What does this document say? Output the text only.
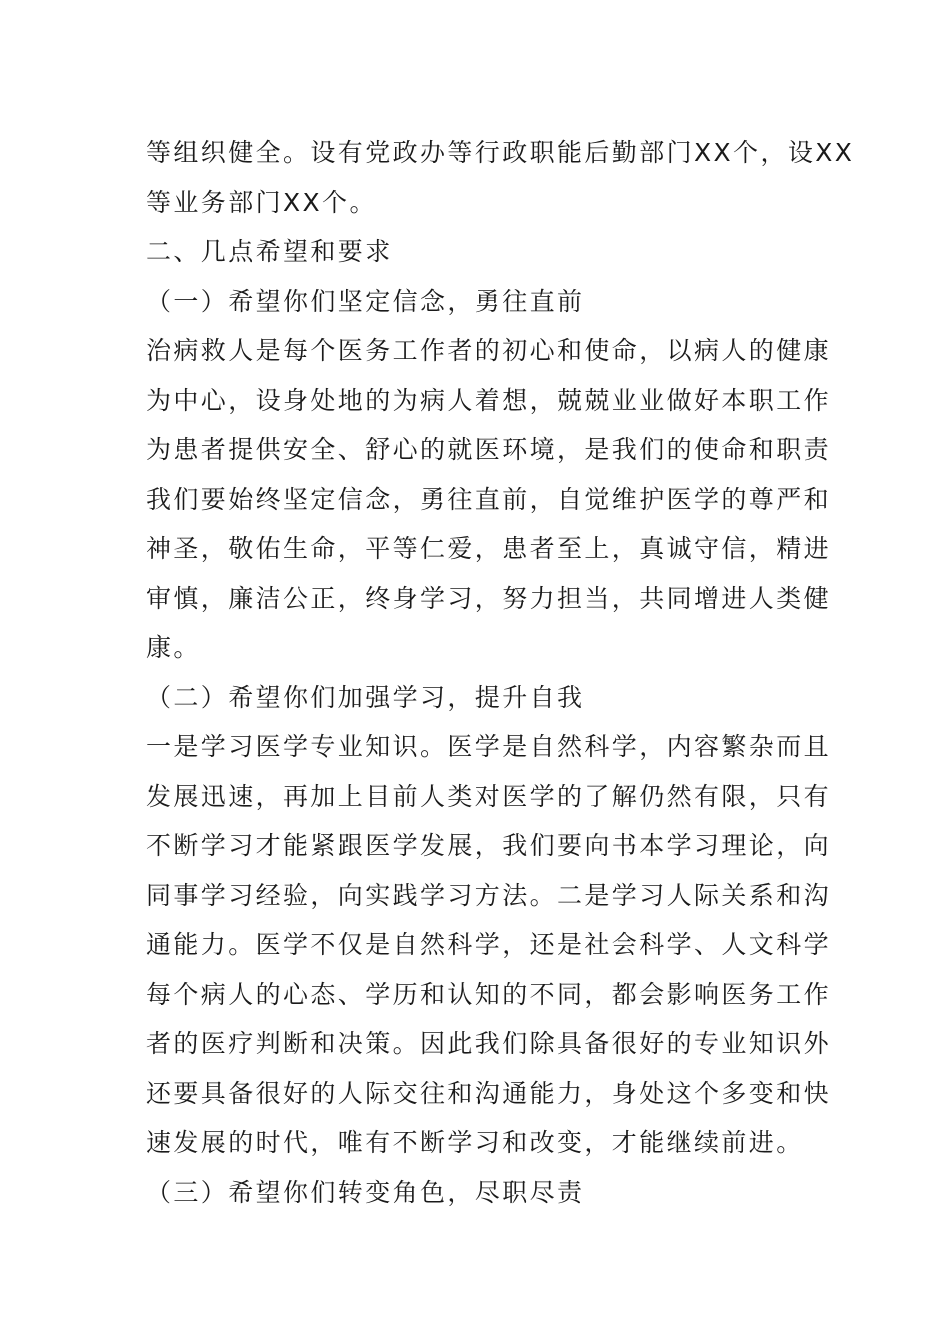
等组织健全。设有党政办等行政职能后勤部门XX个，设XX
等业务部门XX个。
二、几点希望和要求
（一）希望你们坚定信念，勇往直前
治病救人是每个医务工作者的初心和使命，以病人的健康
为中心，设身处地的为病人着想，兢兢业业做好本职工作
为患者提供安全、舒心的就医环境，是我们的使命和职责
我们要始终坚定信念，勇往直前，自觉维护医学的尊严和
神圣，敬佑生命，平等仁爱，患者至上，真诚守信，精进
审慎，廉洁公正，终身学习，努力担当，共同增进人类健
康。
（二）希望你们加强学习，提升自我
一是学习医学专业知识。医学是自然科学，内容繁杂而且
发展迅速，再加上目前人类对医学的了解仍然有限，只有
不断学习才能紧跟医学发展，我们要向书本学习理论，向
同事学习经验，向实践学习方法。二是学习人际关系和沟
通能力。医学不仅是自然科学，还是社会科学、人文科学
每个病人的心态、学历和认知的不同，都会影响医务工作
者的医疗判断和决策。因此我们除具备很好的专业知识外
还要具备很好的人际交往和沟通能力，身处这个多变和快
速发展的时代，唯有不断学习和改变，才能继续前进。
（三）希望你们转变角色，尽职尽责
